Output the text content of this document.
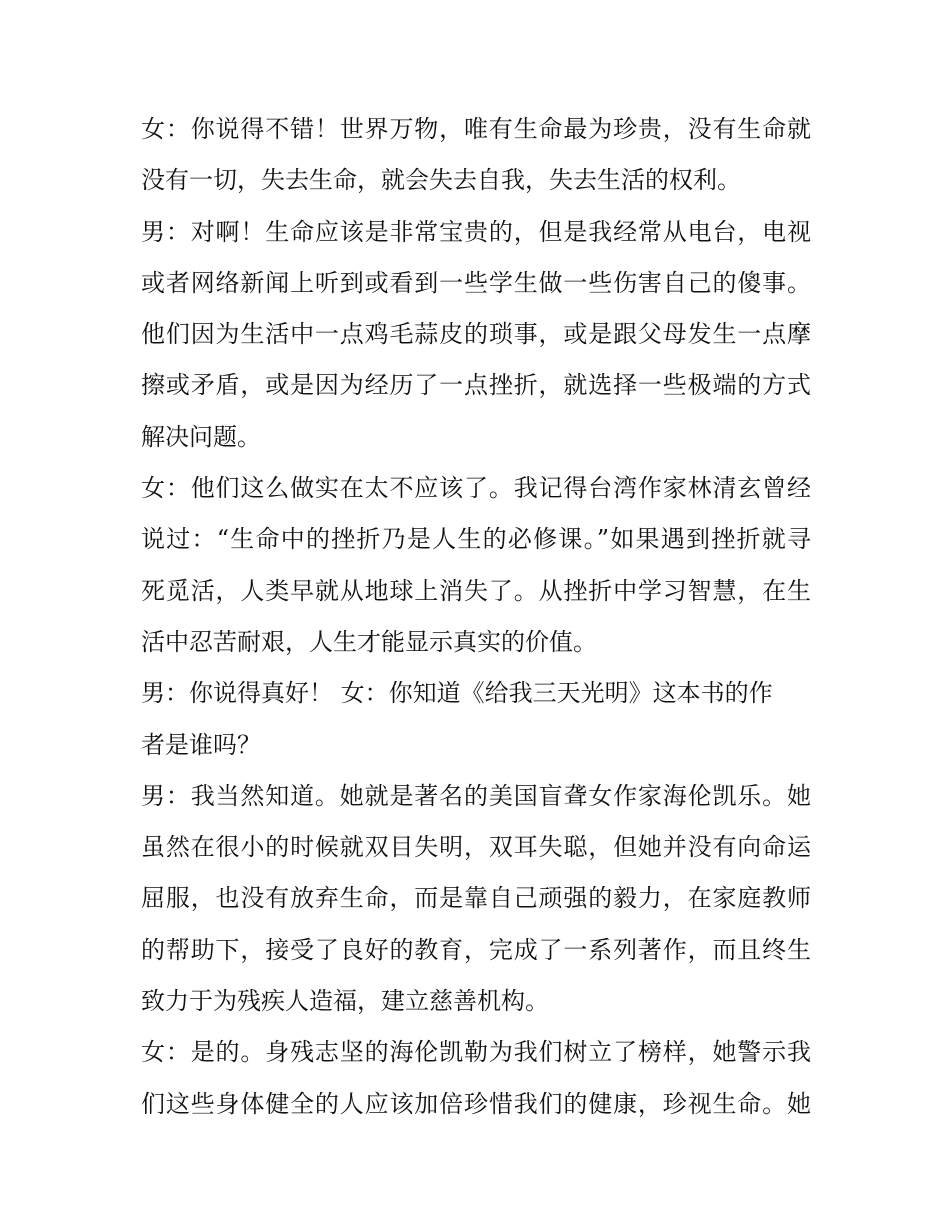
女：你说得不错！世界万物，唯有生命最为珍贵，没有生命就
没有一切，失去生命，就会失去自我，失去生活的权利。
男：对啊！生命应该是非常宝贵的，但是我经常从电台，电视
或者网络新闻上听到或看到一些学生做一些伤害自己的傻事。
他们因为生活中一点鸡毛蒜皮的琐事，或是跟父母发生一点摩
擦或矛盾，或是因为经历了一点挫折，就选择一些极端的方式
解决问题。
女：他们这么做实在太不应该了。我记得台湾作家林清玄曾经
说过：“生命中的挫折乃是人生的必修课。”如果遇到挫折就寻
死觅活，人类早就从地球上消失了。从挫折中学习智慧，在生
活中忍苦耐艰，人生才能显示真实的价值。
男：你说得真好！ 女：你知道《给我三天光明》这本书的作
者是谁吗？
男：我当然知道。她就是著名的美国盲聋女作家海伦凯乐。她
虽然在很小的时候就双目失明，双耳失聪，但她并没有向命运
屈服，也没有放弃生命，而是靠自己顽强的毅力，在家庭教师
的帮助下，接受了良好的教育，完成了一系列著作，而且终生
致力于为残疾人造福，建立慈善机构。
女：是的。身残志坚的海伦凯勒为我们树立了榜样，她警示我
们这些身体健全的人应该加倍珍惜我们的健康，珍视生命。她
